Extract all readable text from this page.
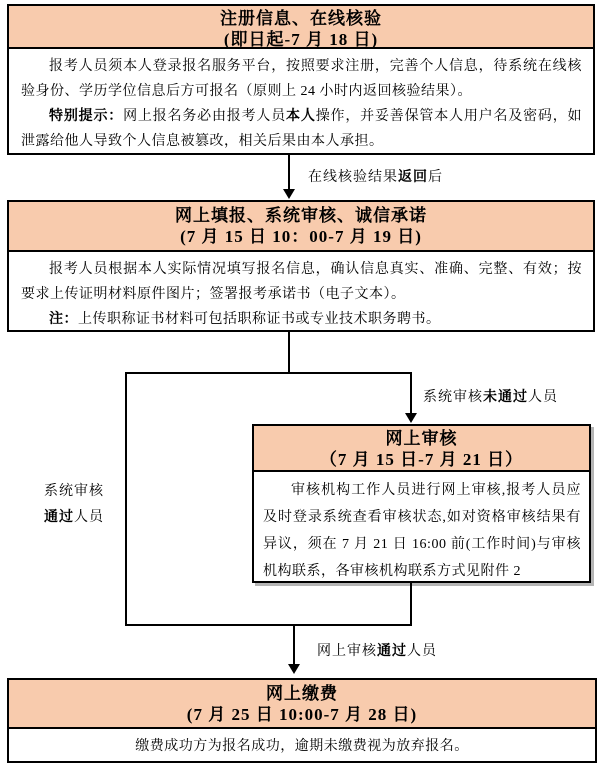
注册信息、在线核验
(即日起-7 月 18 日)

报考人员须本人登录报名服务平台，按照要求注册，完善个人信息，待系统在线核验身份、学历学位信息后方可报名（原则上 24 小时内返回核验结果）。

特别提示：网上报名务必由报考人员本人操作，并妥善保管本人用户名及密码，如泄露给他人导致个人信息被篡改，相关后果由本人承担。

在线核验结果返回后
网上填报、系统审核、诚信承诺
(7 月 15 日 10：00-7 月 19 日)

报考人员根据本人实际情况填写报名信息，确认信息真实、准确、完整、有效；按要求上传证明材料原件图片；签署报考承诺书（电子文本）。

注：上传职称证书材料可包括职称证书或专业技术职务聘书。

系统审核未通过人员
系统审核
通过人员
网上审核
（7 月 15 日-7 月 21 日）

审核机构工作人员进行网上审核,报考人员应及时登录系统查看审核状态,如对资格审核结果有异议，须在 7 月 21 日 16:00 前(工作时间)与审核机构联系，各审核机构联系方式见附件 2

网上审核通过人员
网上缴费
(7 月 25 日 10:00-7 月 28 日)

缴费成功方为报名成功，逾期未缴费视为放弃报名。
